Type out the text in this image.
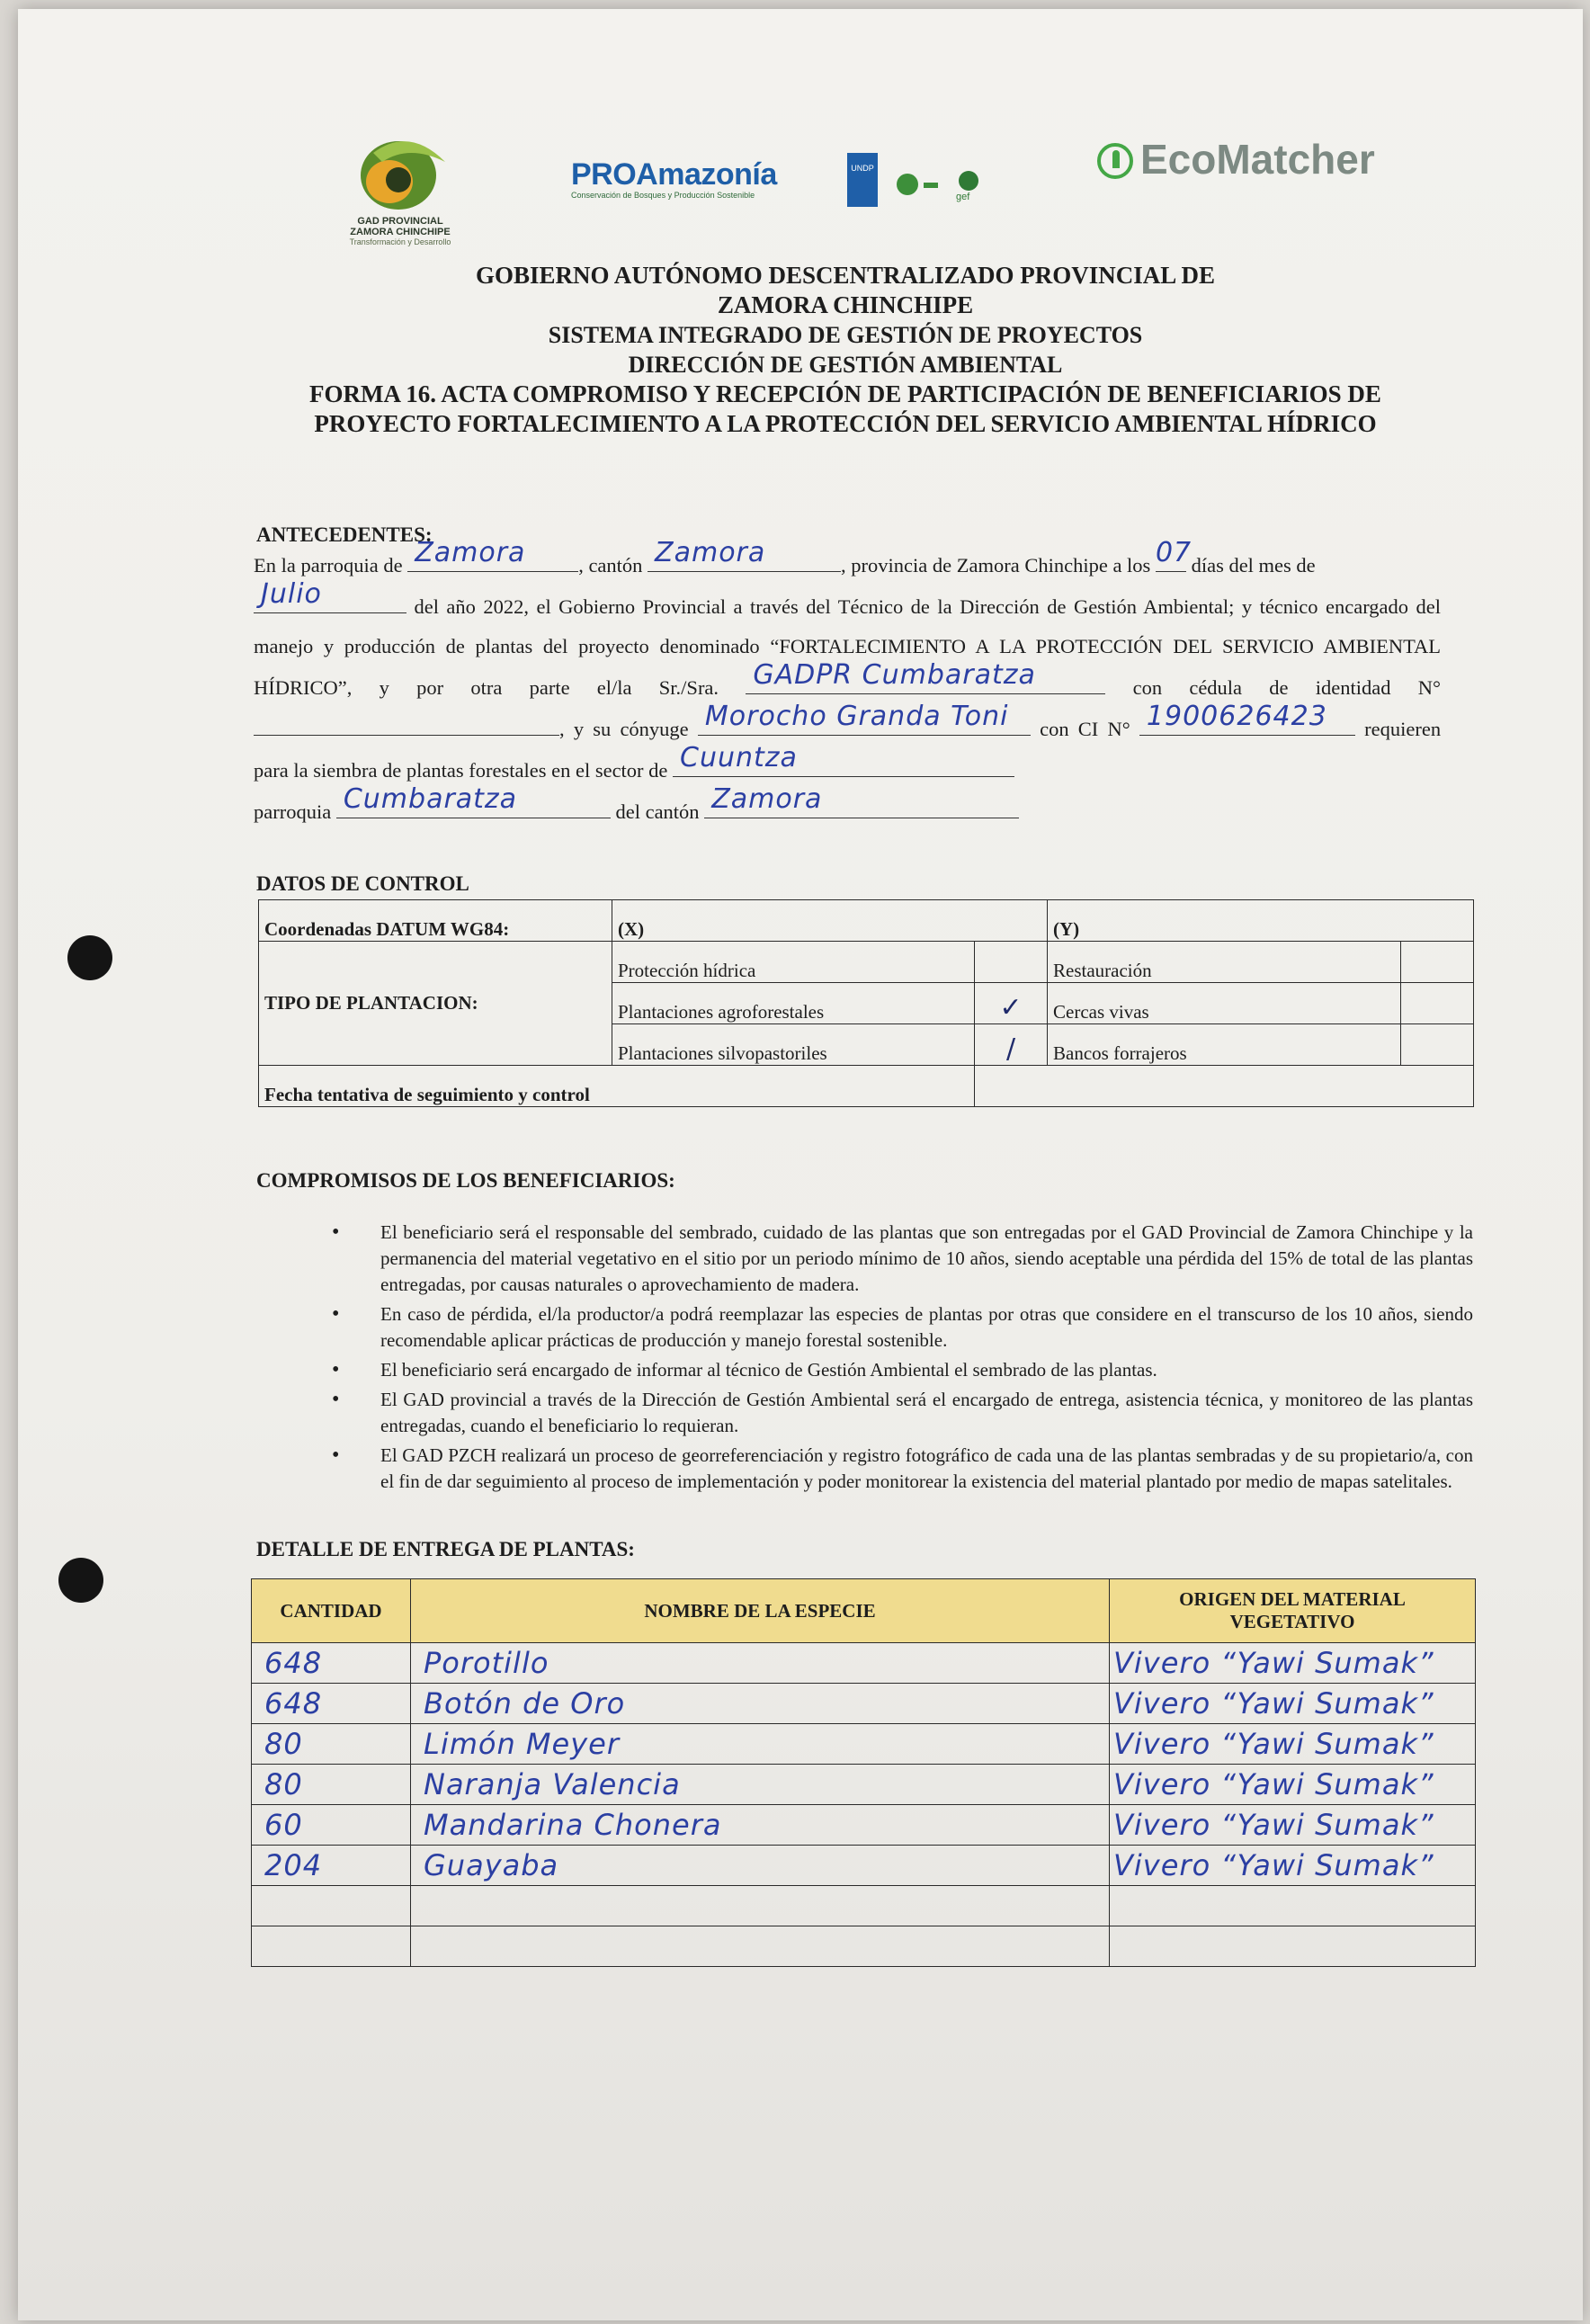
GAD PROVINCIAL
ZAMORA CHINCHIPE
Transformación y Desarrollo
PROAmazonía
Conservación de Bosques y Producción Sostenible
UNDP
gef
EcoMatcher
GOBIERNO AUTÓNOMO DESCENTRALIZADO PROVINCIAL DE
ZAMORA CHINCHIPE
SISTEMA INTEGRADO DE GESTIÓN DE PROYECTOS
DIRECCIÓN DE GESTIÓN AMBIENTAL
FORMA 16. ACTA COMPROMISO Y RECEPCIÓN DE PARTICIPACIÓN DE BENEFICIARIOS DE
PROYECTO FORTALECIMIENTO A LA PROTECCIÓN DEL SERVICIO AMBIENTAL HÍDRICO
ANTECEDENTES:
En la parroquia de Zamora	, cantón Zamora	, provincia de Zamora Chinchipe a los 07 días del mes de

Julio	del año 2022, el Gobierno Provincial a través del Técnico de la Dirección de Gestión Ambiental; y técnico encargado del manejo y producción de plantas del proyecto denominado “FORTALECIMIENTO A LA PROTECCIÓN DEL SERVICIO AMBIENTAL HÍDRICO”, y por otra parte el/la Sr./Sra. GADPR Cumbaratza	con cédula de identidad N°
, y su cónyuge Morocho Granda Toni con CI N° 1900626423 requieren para la siembra de plantas forestales en el sector de Cuuntza

parroquia Cumbaratza	del cantón Zamora
DATOS DE CONTROL
Coordenadas DATUM WG84:	(X)		(Y)	
TIPO DE PLANTACION:	Protección hídrica		Restauración	
	Plantaciones agroforestales	✓	Cercas vivas	
	Plantaciones silvopastoriles	/	Bancos forrajeros	
Fecha tentativa de seguimiento y control				
COMPROMISOS DE LOS BENEFICIARIOS:
• El beneficiario será el responsable del sembrado, cuidado de las plantas que son entregadas por el GAD Provincial de Zamora Chinchipe y la permanencia del material vegetativo en el sitio por un periodo mínimo de 10 años, siendo aceptable una pérdida del 15% de total de las plantas entregadas, por causas naturales o aprovechamiento de madera.
• En caso de pérdida, el/la productor/a podrá reemplazar las especies de plantas por otras que considere en el transcurso de los 10 años, siendo recomendable aplicar prácticas de producción y manejo forestal sostenible.
• El beneficiario será encargado de informar al técnico de Gestión Ambiental el sembrado de las plantas.
• El GAD provincial a través de la Dirección de Gestión Ambiental será el encargado de entrega, asistencia técnica, y monitoreo de las plantas entregadas, cuando el beneficiario lo requieran.
• El GAD PZCH realizará un proceso de georreferenciación y registro fotográfico de cada una de las plantas sembradas y de su propietario/a, con el fin de dar seguimiento al proceso de implementación y poder monitorear la existencia del material plantado por medio de mapas satelitales.
DETALLE DE ENTREGA DE PLANTAS:
CANTIDAD	NOMBRE DE LA ESPECIE	ORIGEN DEL MATERIAL VEGETATIVO
648	Porotillo	Vivero “Yawi Sumak”
648	Botón de Oro	Vivero “Yawi Sumak”
80	Limón Meyer	Vivero “Yawi Sumak”
80	Naranja Valencia	Vivero “Yawi Sumak”
60	Mandarina Chonera	Vivero “Yawi Sumak”
204	Guayaba	Vivero “Yawi Sumak”
